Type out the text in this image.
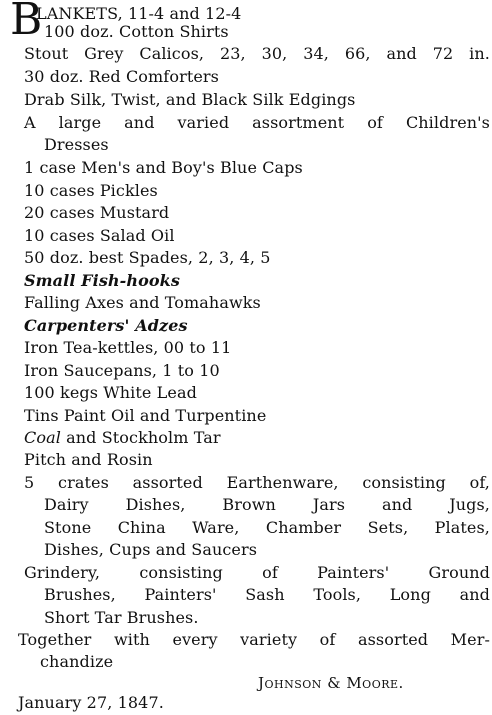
B
LANKETS, 11-4 and 12-4
100 doz. Cotton Shirts
Stout Grey Calicos, 23, 30, 34, 66, and 72 in.
30 doz. Red Comforters
Drab Silk, Twist, and Black Silk Edgings
A large and varied assortment of Children's
Dresses
1 case Men's and Boy's Blue Caps
10 cases Pickles
20 cases Mustard
10 cases Salad Oil
50 doz. best Spades, 2, 3, 4, 5
Small Fish-hooks
Falling Axes and Tomahawks
Carpenters' Adzes
Iron Tea-kettles, 00 to 11
Iron Saucepans, 1 to 10
100 kegs White Lead
Tins Paint Oil and Turpentine
Coal and Stockholm Tar
Pitch and Rosin
5 crates assorted Earthenware, consisting of,
Dairy Dishes, Brown Jars and Jugs,
Stone China Ware, Chamber Sets, Plates,
Dishes, Cups and Saucers
Grindery, consisting of Painters' Ground
Brushes, Painters' Sash Tools, Long and
Short Tar Brushes.
Together with every variety of assorted Mer-
chandize
Johnson & Moore.
January 27, 1847.
